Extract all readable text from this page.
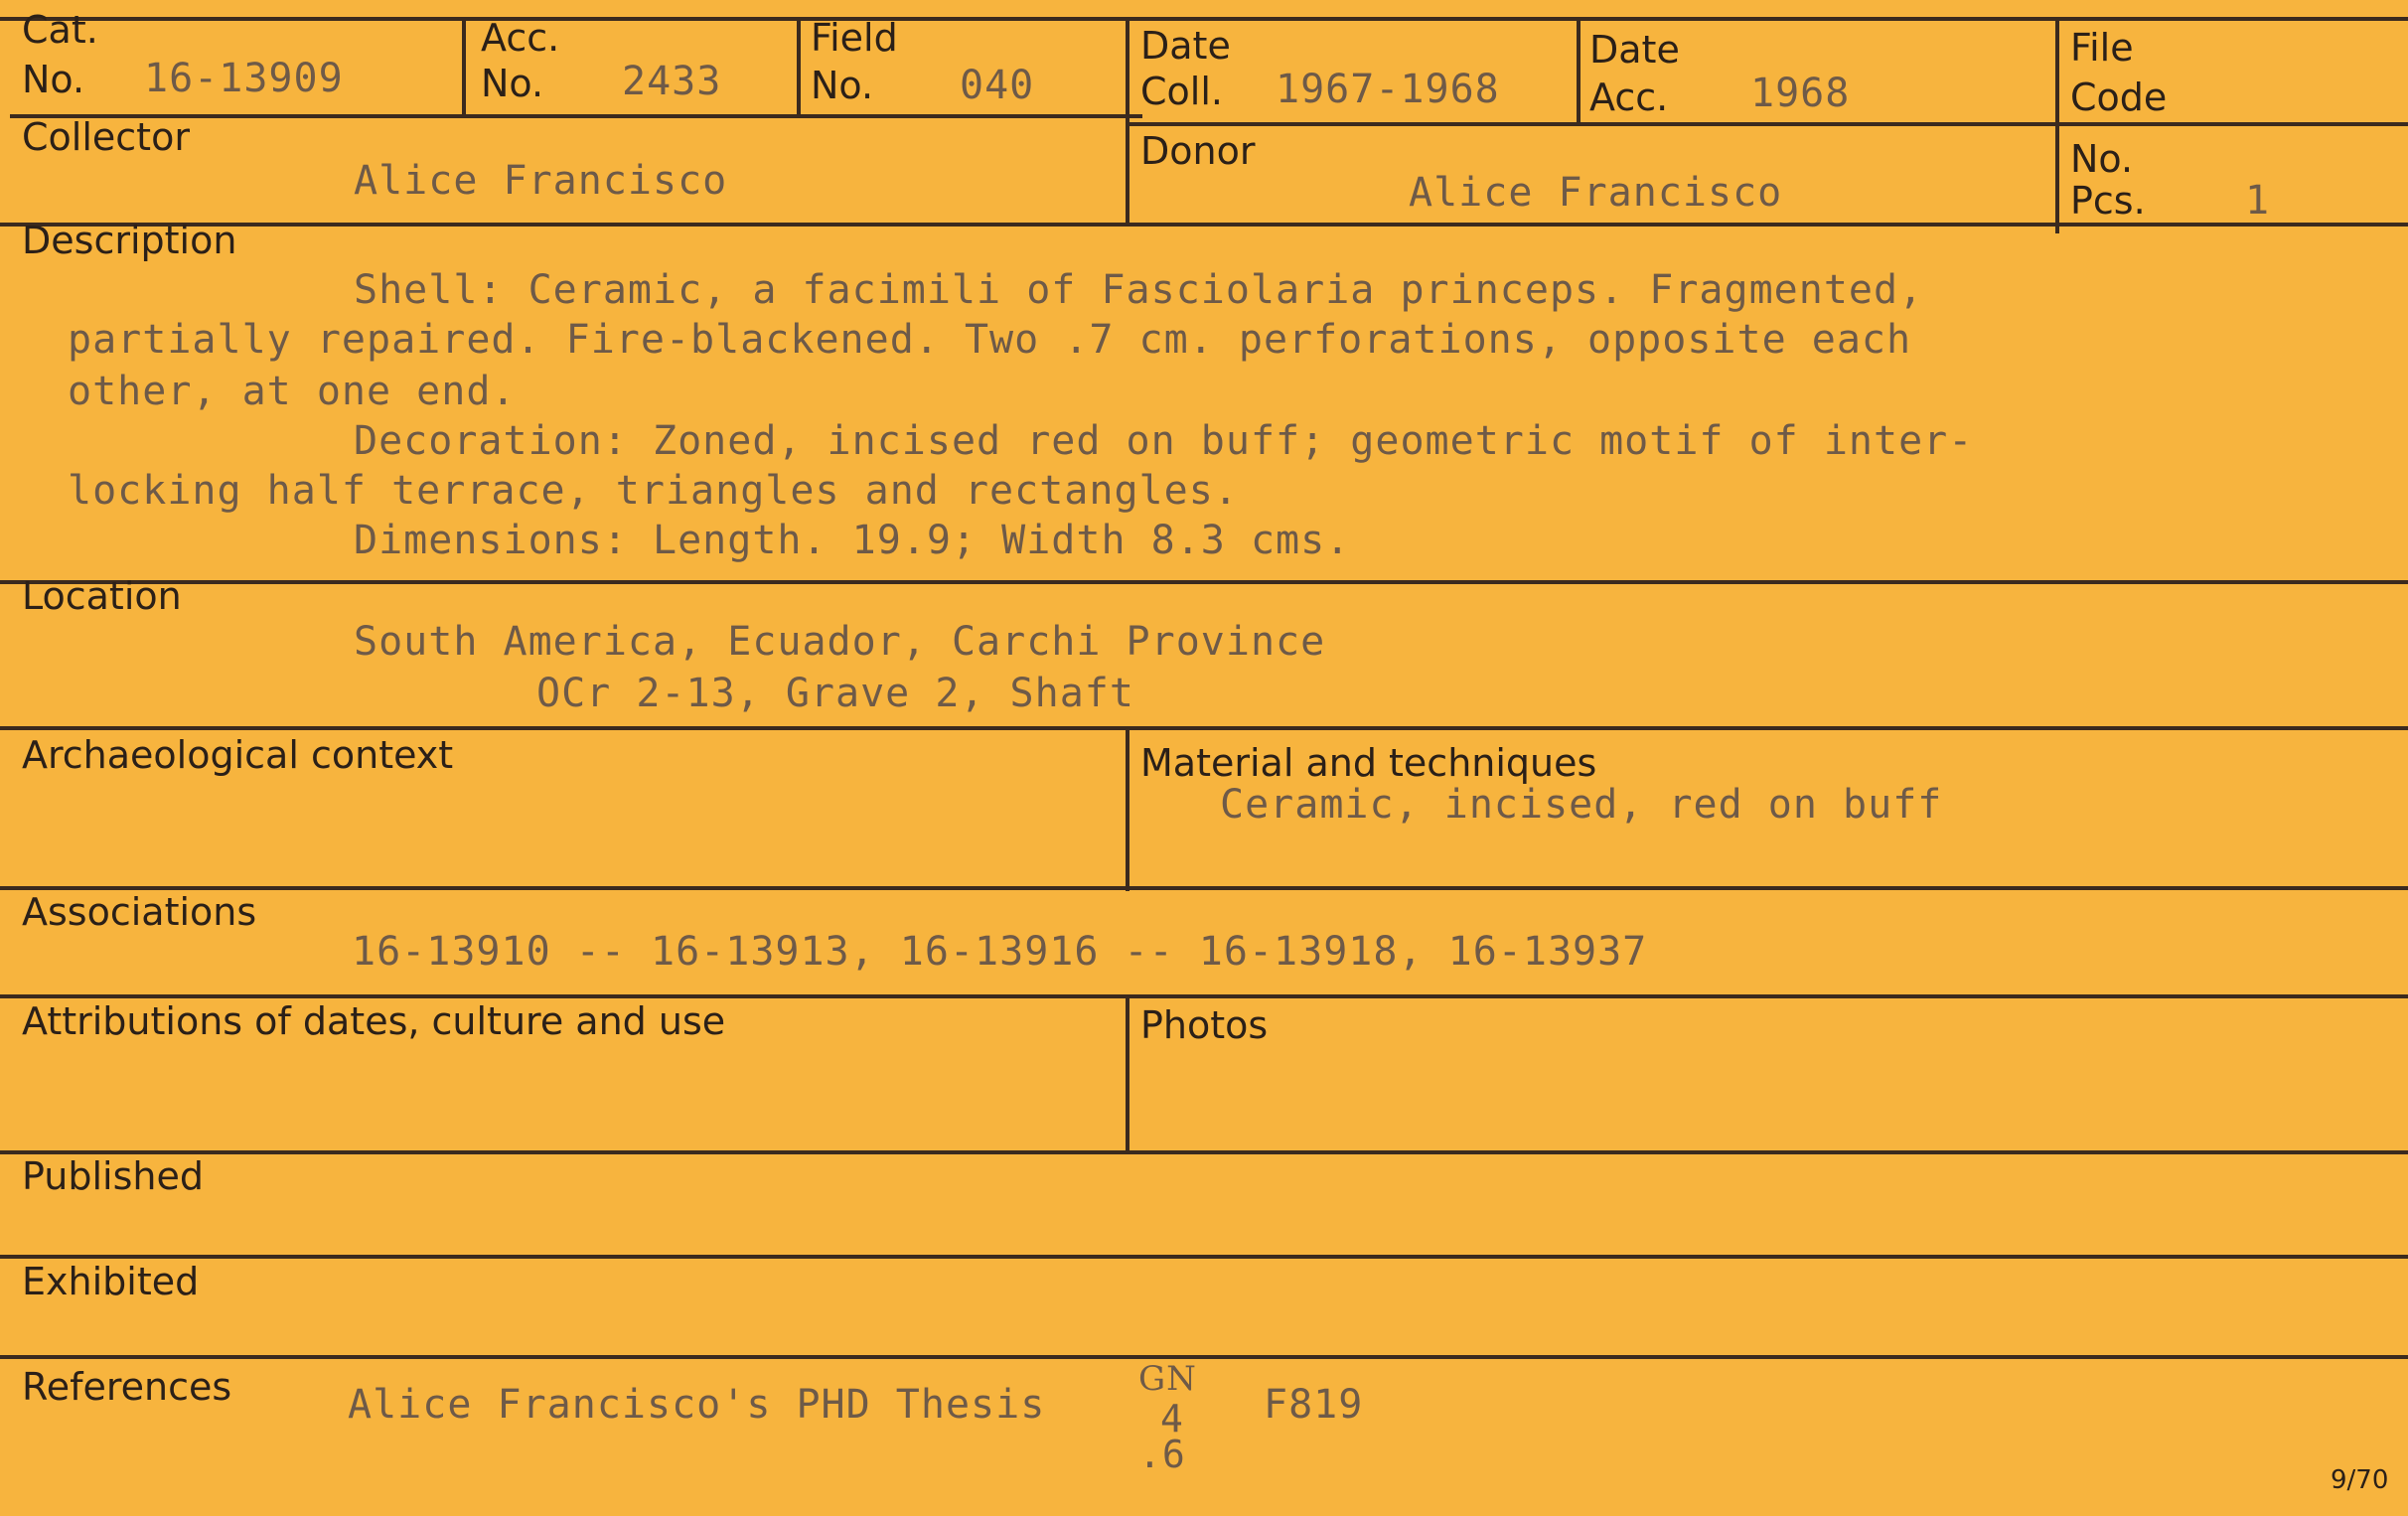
Cat.
No. 16-13909
Acc.
No. 2433
Field
No. 040
Date
Coll. 1967-1968
Date
Acc. 1968
File
Code
Collector
Alice Francisco
Donor
Alice Francisco
No.
Pcs.	1
Description
Shell: Ceramic, a facimili of Fasciolaria princeps. Fragmented,
partially repaired. Fire-blackened. Two .7 cm. perforations, opposite each
other, at one end.
Decoration: Zoned, incised red on buff; geometric motif of inter-
locking half terrace, triangles and rectangles.
Dimensions: Length. 19.9; Width 8.3 cms.
Location
South America, Ecuador, Carchi Province
OCr 2-13, Grave 2, Shaft
Archaeological context	Material and techniques
Ceramic, incised, red on buff
Associations
16-13910 -- 16-13913, 16-13916 -- 16-13918, 16-13937
Attributions of dates, culture and use	Photos
Published
Exhibited
References	Alice Francisco's PHD Thesis
GN
4
.6
F819
9/70
